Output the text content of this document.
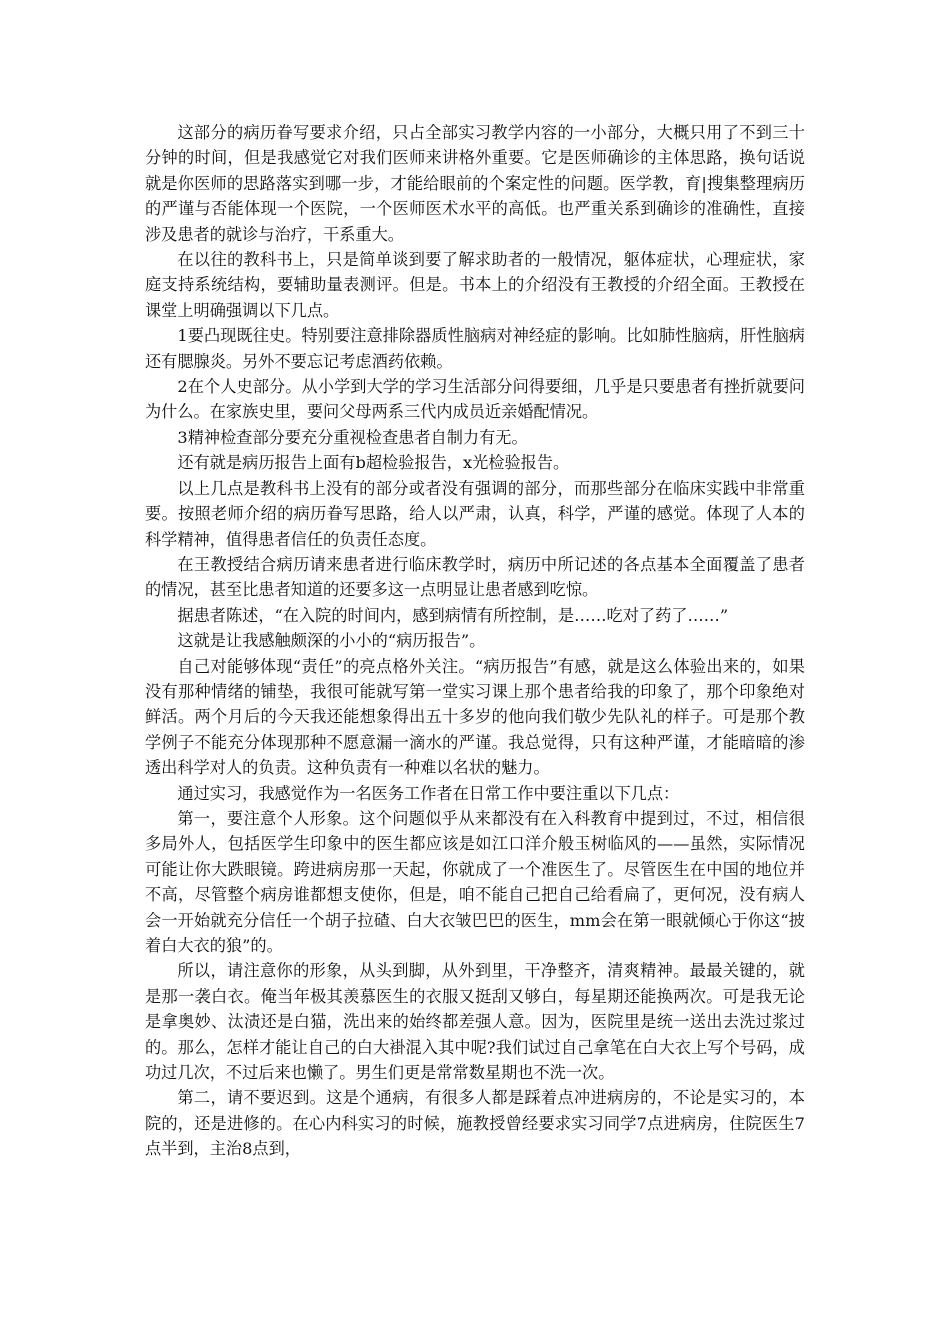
这部分的病历眷写要求介绍，只占全部实习教学内容的一小部分，大概只用了不到三十分钟的时间，但是我感觉它对我们医师来讲格外重要。它是医师确诊的主体思路，换句话说就是你医师的思路落实到哪一步，才能给眼前的个案定性的问题。医学教，育|搜集整理病历的严谨与否能体现一个医院，一个医师医术水平的高低。也严重关系到确诊的准确性，直接涉及患者的就诊与治疗，干系重大。

在以往的教科书上，只是简单谈到要了解求助者的一般情况，躯体症状，心理症状，家庭支持系统结构，要辅助量表测评。但是。书本上的介绍没有王教授的介绍全面。王教授在课堂上明确强调以下几点。

1要凸现既往史。特别要注意排除器质性脑病对神经症的影响。比如肺性脑病，肝性脑病还有腮腺炎。另外不要忘记考虑酒药依赖。

2在个人史部分。从小学到大学的学习生活部分问得要细，几乎是只要患者有挫折就要问为什么。在家族史里，要问父母两系三代内成员近亲婚配情况。

3精神检查部分要充分重视检查患者自制力有无。

还有就是病历报告上面有b超检验报告，x光检验报告。

以上几点是教科书上没有的部分或者没有强调的部分，而那些部分在临床实践中非常重要。按照老师介绍的病历眷写思路，给人以严肃，认真，科学，严谨的感觉。体现了人本的科学精神，值得患者信任的负责任态度。

在王教授结合病历请来患者进行临床教学时，病历中所记述的各点基本全面覆盖了患者的情况，甚至比患者知道的还要多这一点明显让患者感到吃惊。

据患者陈述，“在入院的时间内，感到病情有所控制，是……吃对了药了……”

这就是让我感触颇深的小小的“病历报告”。

自己对能够体现“责任”的亮点格外关注。“病历报告”有感，就是这么体验出来的，如果没有那种情绪的铺垫，我很可能就写第一堂实习课上那个患者给我的印象了，那个印象绝对鲜活。两个月后的今天我还能想象得出五十多岁的他向我们敬少先队礼的样子。可是那个教学例子不能充分体现那种不愿意漏一滴水的严谨。我总觉得，只有这种严谨，才能暗暗的渗透出科学对人的负责。这种负责有一种难以名状的魅力。

通过实习，我感觉作为一名医务工作者在日常工作中要注重以下几点：

第一，要注意个人形象。这个问题似乎从来都没有在入科教育中提到过，不过，相信很多局外人，包括医学生印象中的医生都应该是如江口洋介般玉树临风的——虽然，实际情况可能让你大跌眼镜。跨进病房那一天起，你就成了一个准医生了。尽管医生在中国的地位并不高，尽管整个病房谁都想支使你，但是，咱不能自己把自己给看扁了，更何况，没有病人会一开始就充分信任一个胡子拉碴、白大衣皱巴巴的医生，mm会在第一眼就倾心于你这“披着白大衣的狼”的。

所以，请注意你的形象，从头到脚，从外到里，干净整齐，清爽精神。最最关键的，就是那一袭白衣。俺当年极其羡慕医生的衣服又挺刮又够白，每星期还能换两次。可是我无论是拿奥妙、汰渍还是白猫，洗出来的始终都差强人意。因为，医院里是统一送出去洗过浆过的。那么，怎样才能让自己的白大褂混入其中呢?我们试过自己拿笔在白大衣上写个号码，成功过几次，不过后来也懒了。男生们更是常常数星期也不洗一次。

第二，请不要迟到。这是个通病，有很多人都是踩着点冲进病房的，不论是实习的，本院的，还是进修的。在心内科实习的时候，施教授曾经要求实习同学7点进病房，住院医生7点半到，主治8点到，
